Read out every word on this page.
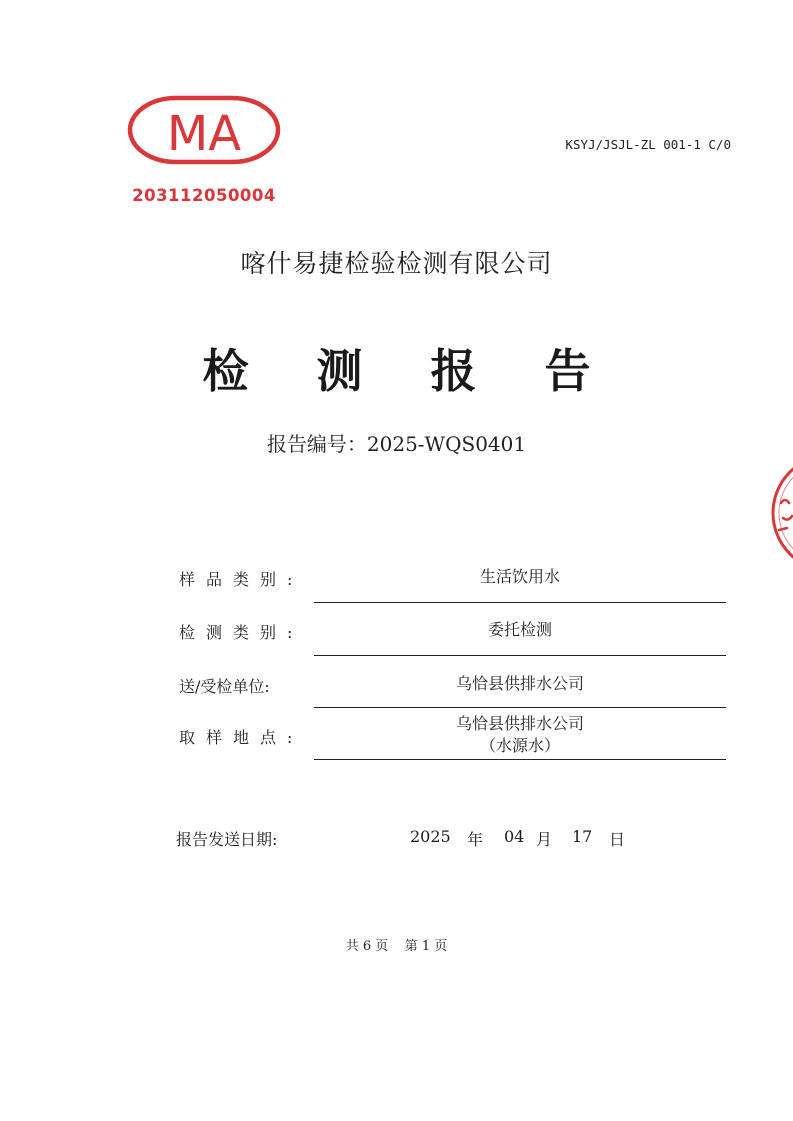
MA
203112050004
KSYJ/JSJL-ZL 001-1 C/0
喀什易捷检验检测有限公司
检 测 报 告
报告编号：2025-WQS0401
样品类别:	生活饮用水
检测类别:	委托检测
送/受检单位:	乌恰县供排水公司
取样地点:
乌恰县供排水公司
（水源水）
报告发送日期:	2025 年 04 月 17 日
共 6 页    第 1 页
